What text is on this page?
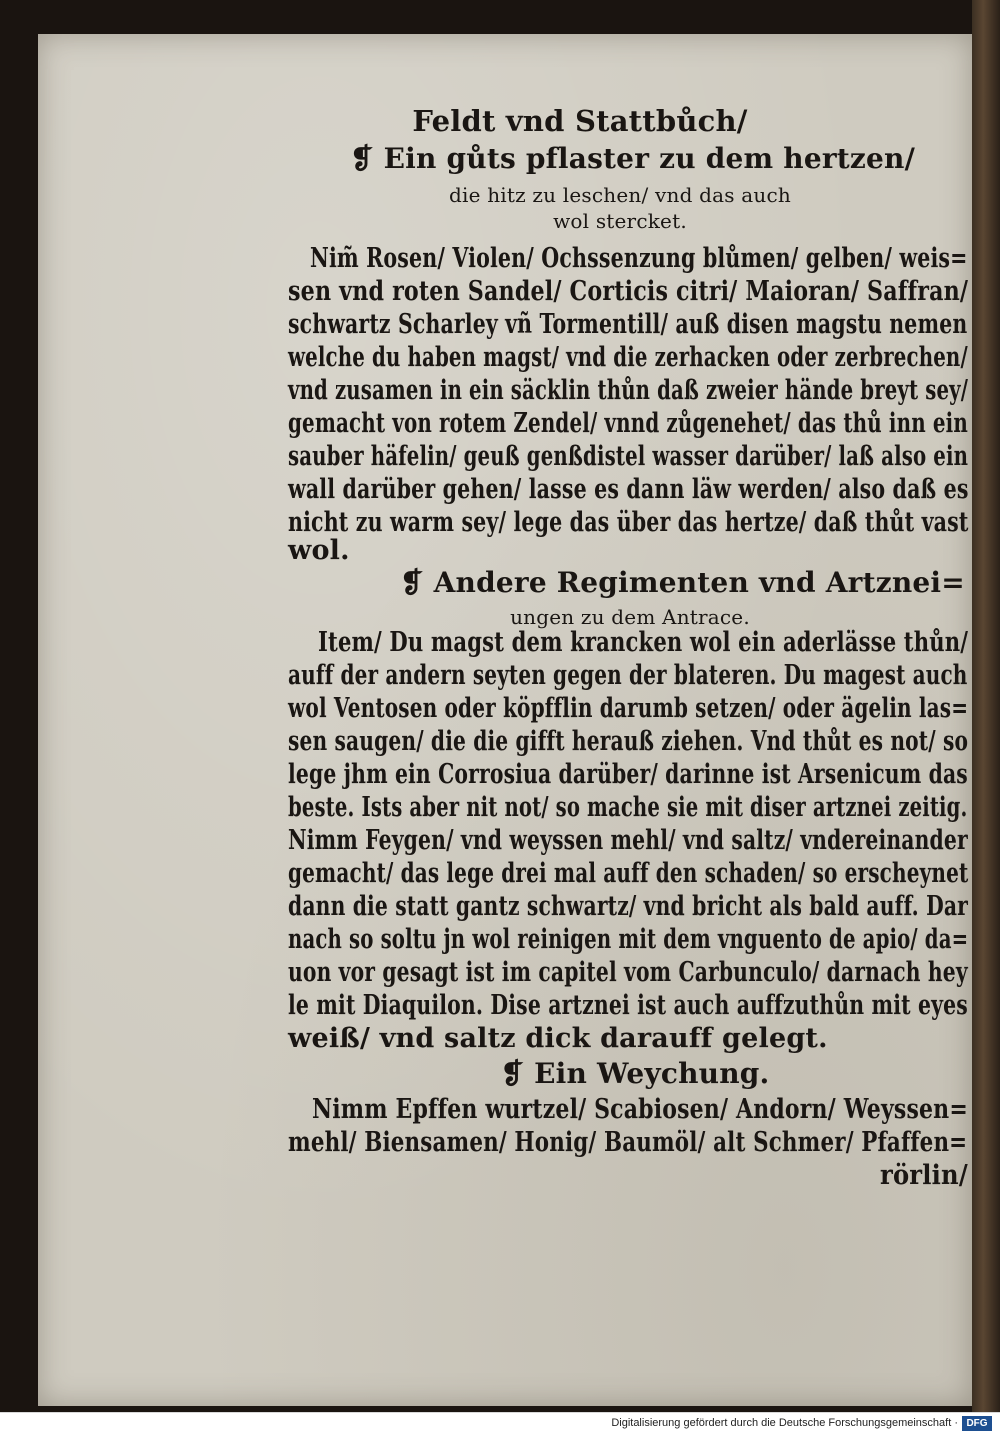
Feldt vnd Stattbůch/
❡ Ein gůts pflaster zu dem hertzen/
die hitz zu leschen/ vnd das auch
wol stercket.
Nim̃ Rosen/ Violen/ Ochssenzung blůmen/ gelben/ weis=
sen vnd roten Sandel/ Corticis citri/ Maioran/ Saffran/
schwartz Scharley vñ Tormentill/ auß disen magstu nemen
welche du haben magst/ vnd die zerhacken oder zerbrechen/
vnd zusamen in ein säcklin thůn daß zweier hände breyt sey/
gemacht von rotem Zendel/ vnnd zůgenehet/ das thů inn ein
sauber häfelin/ geuß genßdistel wasser darüber/ laß also ein
wall darüber gehen/ lasse es dann läw werden/ also daß es
nicht zu warm sey/ lege das über das hertze/ daß thůt vast
wol.
❡ Andere Regimenten vnd Artznei=
ungen zu dem Antrace.
Item/ Du magst dem krancken wol ein aderlässe thůn/
auff der andern seyten gegen der blateren. Du magest auch
wol Ventosen oder köpfflin darumb setzen/ oder ägelin las=
sen saugen/ die die gifft herauß ziehen. Vnd thůt es not/ so
lege jhm ein Corrosiua darüber/ darinne ist Arsenicum das
beste. Ists aber nit not/ so mache sie mit diser artznei zeitig.
Nimm Feygen/ vnd weyssen mehl/ vnd saltz/ vndereinander
gemacht/ das lege drei mal auff den schaden/ so erscheynet
dann die statt gantz schwartz/ vnd bricht als bald auff. Dar
nach so soltu jn wol reinigen mit dem vnguento de apio/ da=
uon vor gesagt ist im capitel vom Carbunculo/ darnach hey
le mit Diaquilon. Dise artznei ist auch auffzuthůn mit eyes
weiß/ vnd saltz dick darauff gelegt.
❡ Ein Weychung.
Nimm Epffen wurtzel/ Scabiosen/ Andorn/ Weyssen=
mehl/ Biensamen/ Honig/ Baumöl/ alt Schmer/ Pfaffen=
rörlin/
Digitalisierung gefördert durch die Deutsche Forschungsgemeinschaft · DFG
